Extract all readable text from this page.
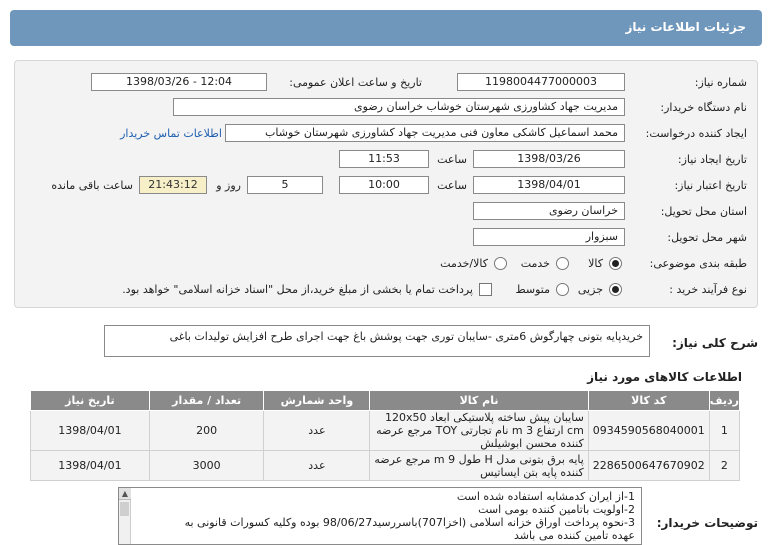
جزئیات اطلاعات نیاز
شماره نیاز:
1198004477000003
تاریخ و ساعت اعلان عمومی:
1398/03/26 - 12:04
نام دستگاه خریدار:
مدیریت جهاد کشاورزی شهرستان خوشاب خراسان رضوی
ایجاد کننده درخواست:
محمد اسماعیل کاشکی معاون فنی مدیریت جهاد کشاورزی شهرستان خوشاب
اطلاعات تماس خریدار
تاریخ ایجاد نیاز:
1398/03/26
ساعت
11:53
تاریخ اعتبار نیاز:
1398/04/01
ساعت
10:00
5
روز و
21:43:12
ساعت باقی مانده
استان محل تحویل:
خراسان رضوی
شهر محل تحویل:
سبزوار
طبقه بندی موضوعی:
کالا
خدمت
کالا/خدمت
نوع فرآیند خرید :
جزیی
متوسط
پرداخت تمام یا بخشی از مبلغ خرید،از محل "اسناد خزانه اسلامی" خواهد بود.
شرح کلی نیاز:
خریدپایه بتونی چهارگوش 6متری -سایبان توری جهت پوشش باغ جهت اجرای طرح افزایش تولیدات باغی
اطلاعات کالاهای مورد نیاز
ردیف	کد کالا	نام کالا	واحد شمارش	تعداد / مقدار	تاریخ نیاز
1	0934590568040001	سایبان پیش ساخته پلاستیکی ابعاد 120x50 cm ارتفاع 3 m نام تجارتی TOY مرجع عرضه کننده محسن ابوشیلش	عدد	200	1398/04/01
2	2286500647670902	پایه برق بتونی مدل H طول 9 m مرجع عرضه کننده پایه بتن ایساتیس	عدد	3000	1398/04/01
توضیحات خریدار:
▲	1-از ایران کدمشابه استفاده شده است
2-اولویت باتامین کننده بومی است
3-نحوه پرداخت اوراق خزانه اسلامی (اخزا707)باسررسید98/06/27 بوده وکلیه کسورات قانونی به
عهده تامین کننده می باشد
